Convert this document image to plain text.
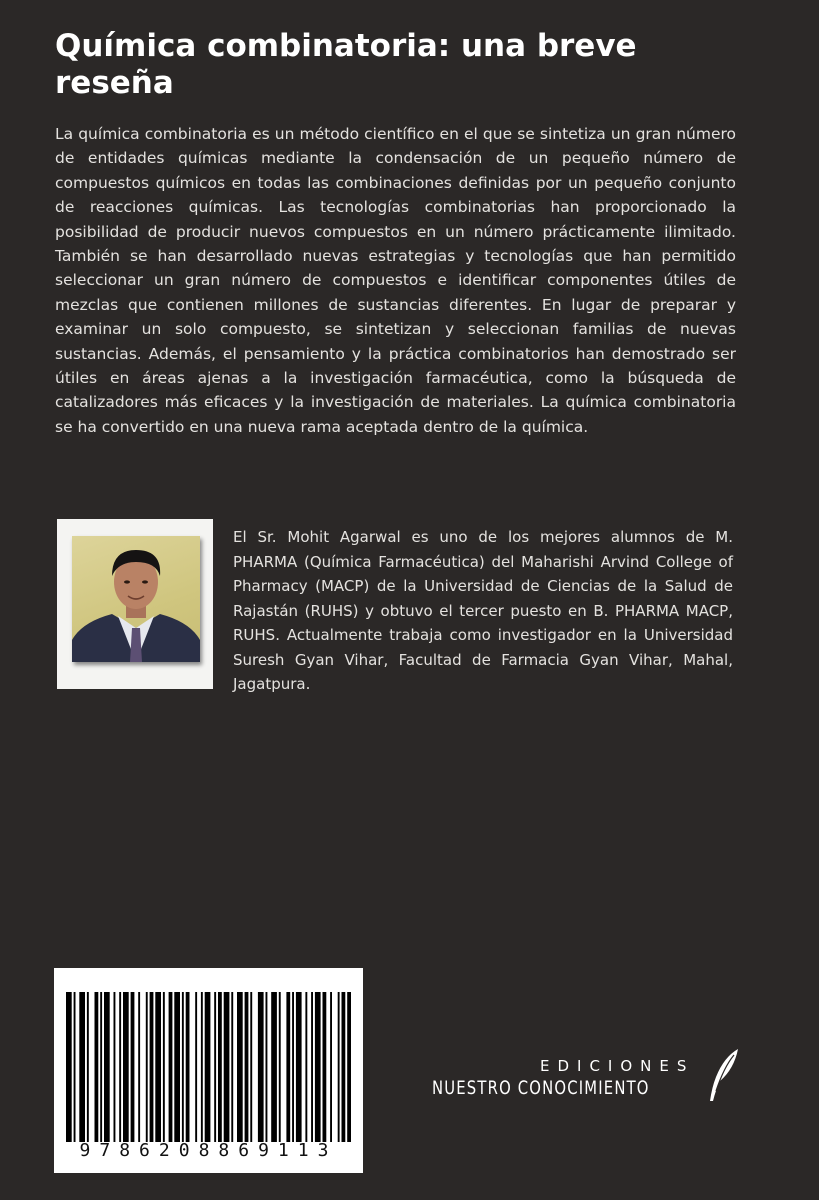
Química combinatoria: una breve reseña

La química combinatoria es un método científico en el que se sintetiza un gran número de entidades químicas mediante la condensación de un pequeño número de compuestos químicos en todas las combinaciones definidas por un pequeño conjunto de reacciones químicas. Las tecnologías combinatorias han proporcionado la posibilidad de producir nuevos compuestos en un número prácticamente ilimitado. También se han desarrollado nuevas estrategias y tecnologías que han permitido seleccionar un gran número de compuestos e identificar componentes útiles de mezclas que contienen millones de sustancias diferentes. En lugar de preparar y examinar un solo compuesto, se sintetizan y seleccionan familias de nuevas sustancias. Además, el pensamiento y la práctica combinatorios han demostrado ser útiles en áreas ajenas a la investigación farmacéutica, como la búsqueda de catalizadores más eficaces y la investigación de materiales. La química combinatoria se ha convertido en una nueva rama aceptada dentro de la química.

El Sr. Mohit Agarwal es uno de los mejores alumnos de M. PHARMA (Química Farmacéutica) del Maharishi Arvind College of Pharmacy (MACP) de la Universidad de Ciencias de la Salud de Rajastán (RUHS) y obtuvo el tercer puesto en B. PHARMA MACP, RUHS. Actualmente trabaja como investigador en la Universidad Suresh Gyan Vihar, Facultad de Farmacia Gyan Vihar, Mahal, Jagatpura.

9786208869113
EDICIONES
NUESTRO CONOCIMIENTO
